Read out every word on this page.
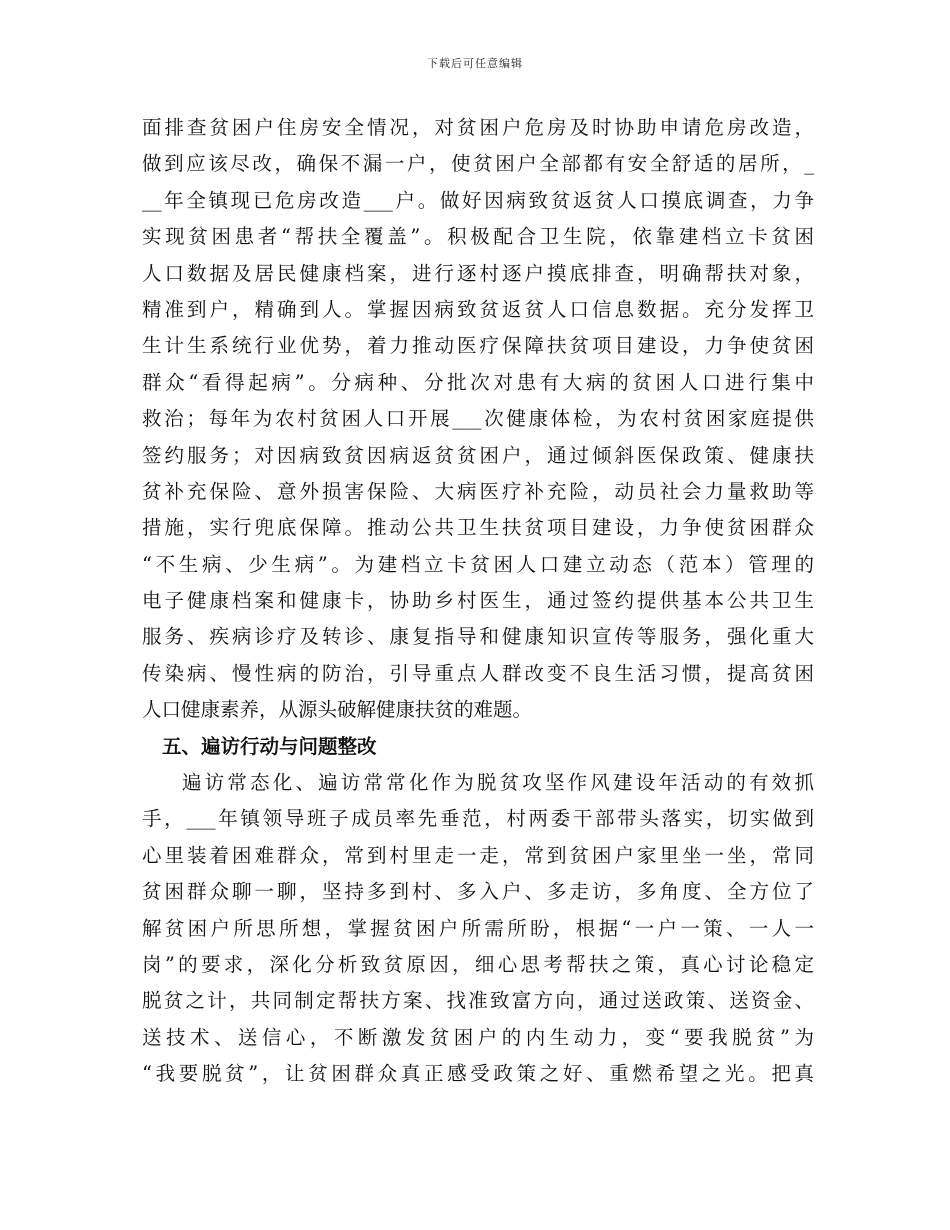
下载后可任意编辑
面排查贫困户住房安全情况，对贫困户危房及时协助申请危房改造，
做到应该尽改，确保不漏一户，使贫困户全部都有安全舒适的居所，_
__年全镇现已危房改造___户。做好因病致贫返贫人口摸底调查，力争
实现贫困患者“帮扶全覆盖”。积极配合卫生院，依靠建档立卡贫困
人口数据及居民健康档案，进行逐村逐户摸底排查，明确帮扶对象，
精准到户，精确到人。掌握因病致贫返贫人口信息数据。充分发挥卫
生计生系统行业优势，着力推动医疗保障扶贫项目建设，力争使贫困
群众“看得起病”。分病种、分批次对患有大病的贫困人口进行集中
救治；每年为农村贫困人口开展___次健康体检，为农村贫困家庭提供
签约服务；对因病致贫因病返贫贫困户，通过倾斜医保政策、健康扶
贫补充保险、意外损害保险、大病医疗补充险，动员社会力量救助等
措施，实行兜底保障。推动公共卫生扶贫项目建设，力争使贫困群众
“不生病、少生病”。为建档立卡贫困人口建立动态（范本）管理的
电子健康档案和健康卡，协助乡村医生，通过签约提供基本公共卫生
服务、疾病诊疗及转诊、康复指导和健康知识宣传等服务，强化重大
传染病、慢性病的防治，引导重点人群改变不良生活习惯，提高贫困
人口健康素养，从源头破解健康扶贫的难题。
五、遍访行动与问题整改
遍访常态化、遍访常常化作为脱贫攻坚作风建设年活动的有效抓
手，___年镇领导班子成员率先垂范，村两委干部带头落实，切实做到
心里装着困难群众，常到村里走一走，常到贫困户家里坐一坐，常同
贫困群众聊一聊，坚持多到村、多入户、多走访，多角度、全方位了
解贫困户所思所想，掌握贫困户所需所盼，根据“一户一策、一人一
岗”的要求，深化分析致贫原因，细心思考帮扶之策，真心讨论稳定
脱贫之计，共同制定帮扶方案、找准致富方向，通过送政策、送资金、
送技术、送信心，不断激发贫困户的内生动力，变“要我脱贫”为
“我要脱贫”，让贫困群众真正感受政策之好、重燃希望之光。把真
